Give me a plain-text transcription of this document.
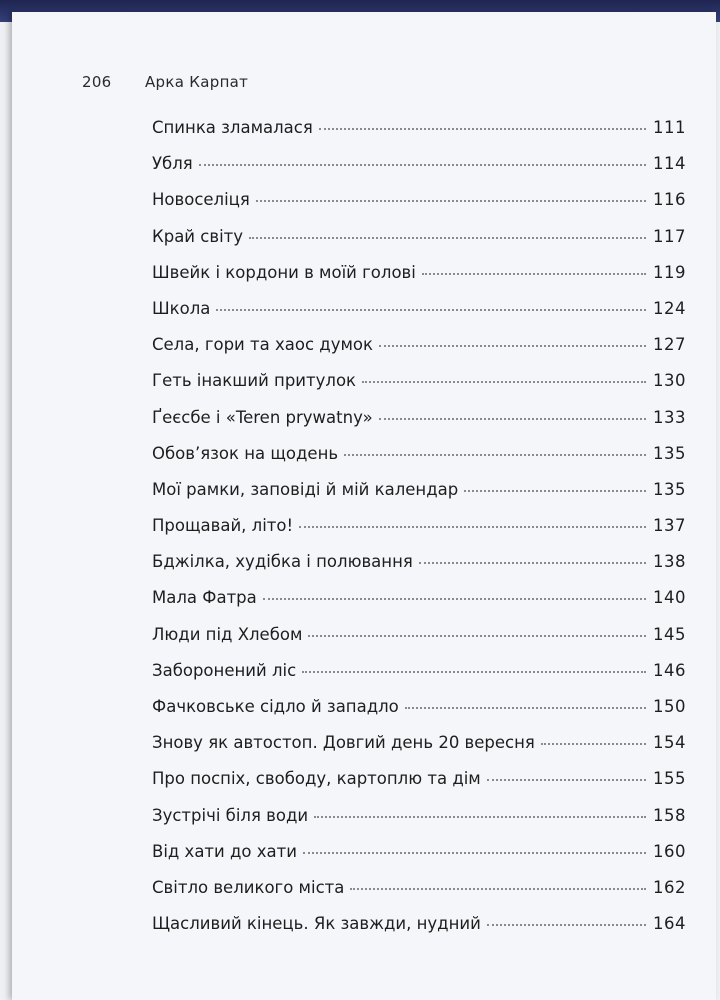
206 Арка Карпат
Спинка зламалася	111
Убля	114
Новоселіця	116
Край світу	117
Швейк і кордони в моїй голові	119
Школа	124
Села, гори та хаос думок	127
Геть інакший притулок	130
Ґеєсбе і «Teren prywatny»	133
Обов’язок на щодень	135
Мої рамки, заповіді й мій календар	135
Прощавай, літо!	137
Бджілка, худібка і полювання	138
Мала Фатра	140
Люди під Хлебом	145
Заборонений ліс	146
Фачковське сідло й западло	150
Знову як автостоп. Довгий день 20 вересня	154
Про поспіх, свободу, картоплю та дім	155
Зустрічі біля води	158
Від хати до хати	160
Світло великого міста	162
Щасливий кінець. Як завжди, нудний	164
